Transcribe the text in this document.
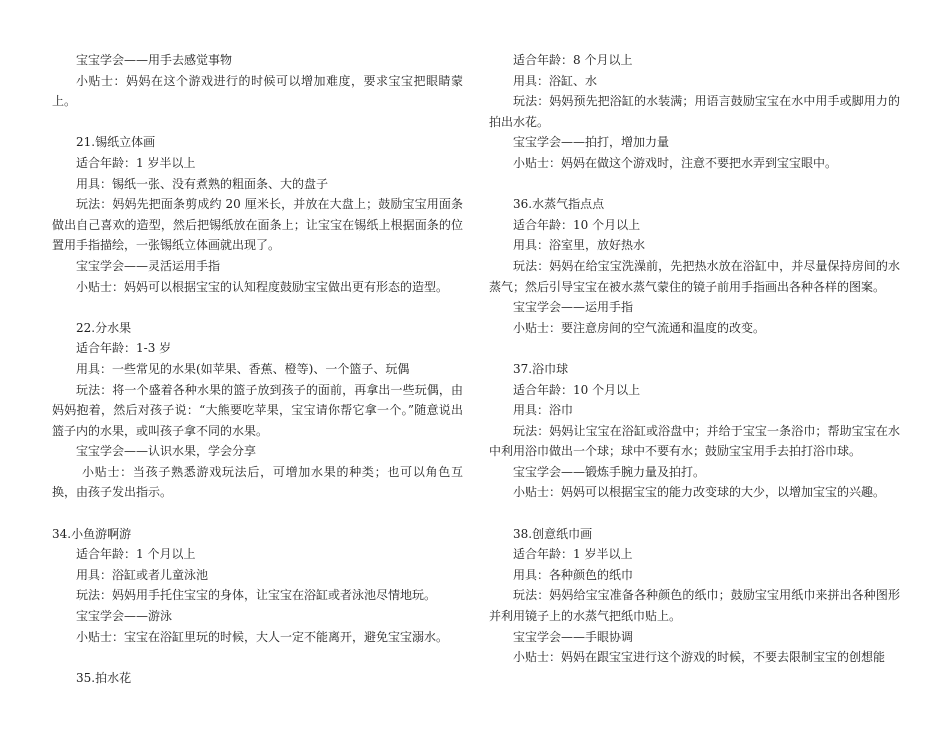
宝宝学会——用手去感觉事物

小贴士：妈妈在这个游戏进行的时候可以增加难度，要求宝宝把眼睛蒙上。

21.锡纸立体画

适合年龄：1 岁半以上

用具：锡纸一张、没有煮熟的粗面条、大的盘子

玩法：妈妈先把面条剪成约 20 厘米长，并放在大盘上；鼓励宝宝用面条做出自己喜欢的造型，然后把锡纸放在面条上；让宝宝在锡纸上根据面条的位置用手指描绘，一张锡纸立体画就出现了。

宝宝学会——灵活运用手指

小贴士：妈妈可以根据宝宝的认知程度鼓励宝宝做出更有形态的造型。

22.分水果

适合年龄：1-3 岁

用具：一些常见的水果(如苹果、香蕉、橙等)、一个篮子、玩偶

玩法：将一个盛着各种水果的篮子放到孩子的面前，再拿出一些玩偶，由妈妈抱着，然后对孩子说：“大熊要吃苹果，宝宝请你帮它拿一个。”随意说出篮子内的水果，或叫孩子拿不同的水果。

宝宝学会——认识水果，学会分享

小贴士：当孩子熟悉游戏玩法后，可增加水果的种类；也可以角色互换，由孩子发出指示。

34.小鱼游啊游

适合年龄：1 个月以上

用具：浴缸或者儿童泳池

玩法：妈妈用手托住宝宝的身体，让宝宝在浴缸或者泳池尽情地玩。

宝宝学会——游泳

小贴士：宝宝在浴缸里玩的时候，大人一定不能离开，避免宝宝溺水。

35.拍水花

适合年龄：8 个月以上

用具：浴缸、水

玩法：妈妈预先把浴缸的水装满；用语言鼓励宝宝在水中用手或脚用力的拍出水花。

宝宝学会——拍打，增加力量

小贴士：妈妈在做这个游戏时，注意不要把水弄到宝宝眼中。

36.水蒸气指点点

适合年龄：10 个月以上

用具：浴室里，放好热水

玩法：妈妈在给宝宝洗澡前，先把热水放在浴缸中，并尽量保持房间的水蒸气；然后引导宝宝在被水蒸气蒙住的镜子前用手指画出各种各样的图案。

宝宝学会——运用手指

小贴士：要注意房间的空气流通和温度的改变。

37.浴巾球

适合年龄：10 个月以上

用具：浴巾

玩法：妈妈让宝宝在浴缸或浴盘中；并给于宝宝一条浴巾；帮助宝宝在水中利用浴巾做出一个球；球中不要有水；鼓励宝宝用手去拍打浴巾球。

宝宝学会——锻炼手腕力量及拍打。

小贴士：妈妈可以根据宝宝的能力改变球的大少，以增加宝宝的兴趣。

38.创意纸巾画

适合年龄：1 岁半以上

用具：各种颜色的纸巾

玩法：妈妈给宝宝准备各种颜色的纸巾；鼓励宝宝用纸巾来拼出各种图形并利用镜子上的水蒸气把纸巾贴上。

宝宝学会——手眼协调

小贴士：妈妈在跟宝宝进行这个游戏的时候，不要去限制宝宝的创想能
